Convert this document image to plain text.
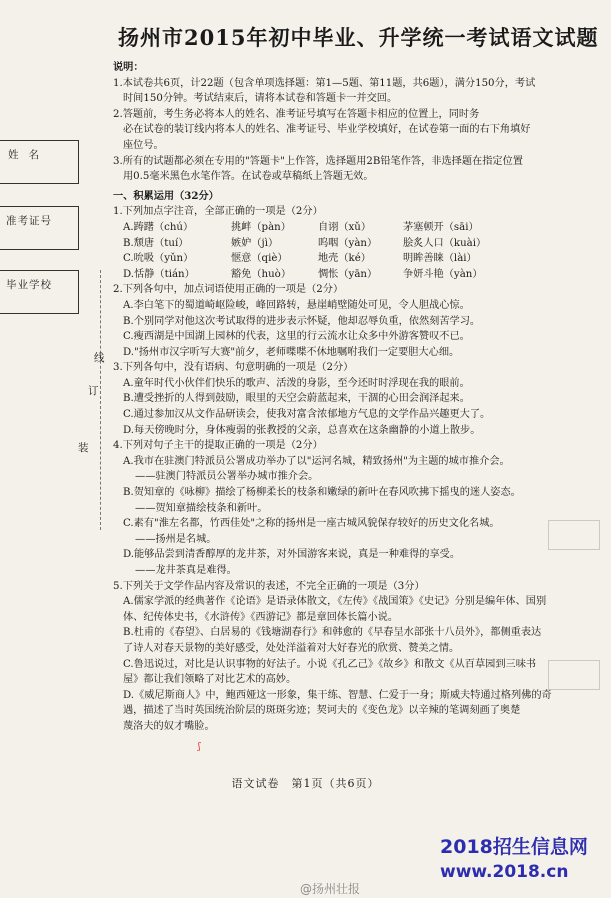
扬州市2015年初中毕业、升学统一考试语文试题
姓名
准考证号
毕业学校
装
订
线

说明：

1.本试卷共6页，计22题（包含单项选择题：第1—5题、第11题，共6题），满分150分，考试

时间150分钟。考试结束后，请将本试卷和答题卡一并交回。

2.答题前，考生务必将本人的姓名、准考证号填写在答题卡相应的位置上，同时务

必在试卷的装订线内将本人的姓名、准考证号、毕业学校填好，在试卷第一面的右下角填好

座位号。

3.所有的试题都必须在专用的"答题卡"上作答，选择题用2B铅笔作答，非选择题在指定位置

用0.5毫米黑色水笔作答。在试卷或草稿纸上答题无效。

一、积累运用（32分）

1.下列加点字注音，全部正确的一项是（2分）

A.踌躇（chú）	挑衅（pàn）	自诩（xǔ）	茅塞顿开（sāi）
B.颓唐（tuí）	嫉妒（jì）	呜咽（yàn）	脍炙人口（kuài）
C.吮吸（yǔn）	惬意（qiè）	地壳（ké）	明眸善睐（lài）
D.恬静（tián）	豁免（huò）	惆怅（yān）	争妍斗艳（yàn）

2.下列各句中，加点词语使用正确的一项是（2分）

A.李白笔下的蜀道崎岖险峻，峰回路转，悬崖峭壁随处可见，令人胆战心惊。

B.个别同学对他这次考试取得的进步表示怀疑，他却忍辱负重，依然刻苦学习。

C.瘦西湖是中国湖上园林的代表，这里的行云流水让众多中外游客赞叹不已。

D."扬州市汉字听写大赛"前夕，老师喋喋不休地嘱咐我们一定要胆大心细。

3.下列各句中，没有语病、句意明确的一项是（2分）

A.童年时代小伙伴们快乐的歌声、活泼的身影，至今还时时浮现在我的眼前。

B.遭受挫折的人得到鼓励，眼里的天空会蔚蓝起来，干涸的心田会润泽起来。

C.通过参加汉从文作品研读会，使我对富含浓郁地方气息的文学作品兴趣更大了。

D.每天傍晚时分，身体瘦弱的张教授的父亲，总喜欢在这条幽静的小道上散步。

4.下列对句子主干的提取正确的一项是（2分）

A.我市在驻澳门特派员公署成功举办了以"运河名城，精致扬州"为主题的城市推介会。

——驻澳门特派员公署举办城市推介会。

B.贺知章的《咏柳》描绘了杨柳柔长的枝条和嫩绿的新叶在春风吹拂下摇曳的迷人姿态。

——贺知章描绘枝条和新叶。

C.素有"淮左名都，竹西佳处"之称的扬州是一座古城风貌保存较好的历史文化名城。

——扬州是名城。

D.能够品尝到清香醇厚的龙井茶，对外国游客来说，真是一种难得的享受。

——龙井茶真是难得。

5.下列关于文学作品内容及常识的表述，不完全正确的一项是（3分）

A.儒家学派的经典著作《论语》是语录体散文，《左传》《战国策》《史记》分别是编年体、国别

体、纪传体史书，《水浒传》《西游记》都是章回体长篇小说。

B.杜甫的《春望》、白居易的《钱塘湖春行》和韩愈的《早春呈水部张十八员外》，都侧重表达

了诗人对春天景物的美好感受，处处洋溢着对大好春光的欣赏、赞美之情。

C.鲁迅说过，对比是认识事物的好法子。小说《孔乙己》《故乡》和散文《从百草园到三味书

屋》都让我们领略了对比艺术的高妙。

D.《威尼斯商人》中，鲍西娅这一形象，集干练、智慧、仁爱于一身；斯威夫特通过格列佛的奇

遇，描述了当时英国统治阶层的斑斑劣迹；契诃夫的《变色龙》以辛辣的笔调刻画了奥楚

蔑洛夫的奴才嘴脸。

ʃ
语文试卷　第1页（共6页）
2018招生信息网
www.2018.cn
@扬州壮报
